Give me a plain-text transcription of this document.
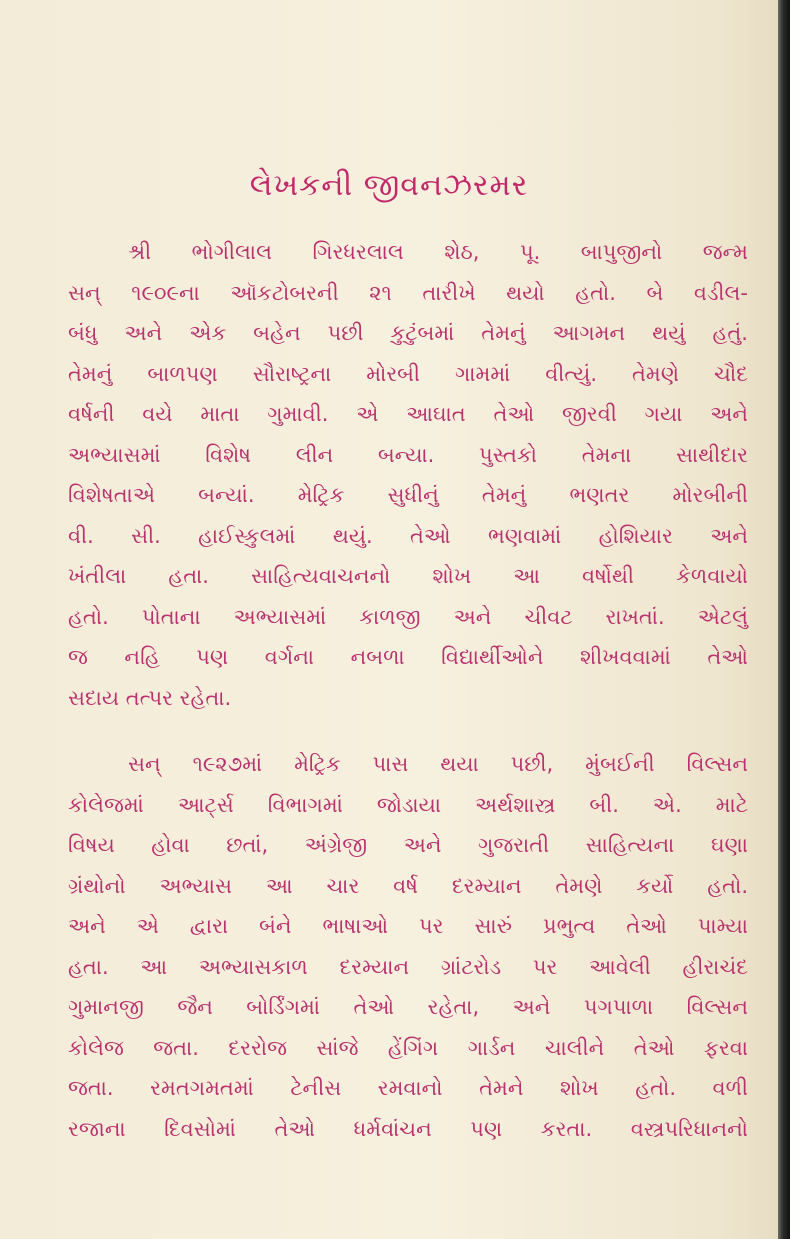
લેખકની જીવનઝરમર
શ્રી ભોગીલાલ ગિરધરલાલ શેઠ, પૂ. બાપુજીનો જન્મ
સન્ ૧૯૦૯ના ઑકટોબરની ૨૧ તારીખે થયો હતો. બે વડીલ-
બંધુ અને એક બહેન પછી કુટુંબમાં તેમનું આગમન થયું હતું.
તેમનું બાળપણ સૌરાષ્ટ્રના મોરબી ગામમાં વીત્યું. તેમણે ચૌદ
વર્ષની વયે માતા ગુમાવી. એ આઘાત તેઓ જીરવી ગયા અને
અભ્યાસમાં વિશેષ લીન બન્યા. પુસ્તકો તેમના સાથીદાર
વિશેષતાએ બન્યાં. મેટ્રિક સુધીનું તેમનું ભણતર મોરબીની
વી. સી. હાઈસ્કુલમાં થયું. તેઓ ભણવામાં હોશિયાર અને
ખંતીલા હતા. સાહિત્યવાચનનો શોખ આ વર્ષોથી કેળવાયો
હતો. પોતાના અભ્યાસમાં કાળજી અને ચીવટ રાખતાં. એટલું
જ નહિ પણ વર્ગના નબળા વિદ્યાર્થીઓને શીખવવામાં તેઓ
સદાય તત્પર રહેતા.
સન્ ૧૯૨૭માં મેટ્રિક પાસ થયા પછી, મુંબઈની વિલ્સન
કોલેજમાં આર્ટ્સ વિભાગમાં જોડાયા અર્થશાસ્ત્ર બી. એ. માટે
વિષય હોવા છતાં, અંગ્રેજી અને ગુજરાતી સાહિત્યના ઘણા
ગ્રંથોનો અભ્યાસ આ ચાર વર્ષ દરમ્યાન તેમણે કર્યો હતો.
અને એ દ્વારા બંને ભાષાઓ પર સારું પ્રભુત્વ તેઓ પામ્યા
હતા. આ અભ્યાસકાળ દરમ્યાન ગ્રાંટરોડ પર આવેલી હીરાચંદ
ગુમાનજી જૈન બોર્ડિંગમાં તેઓ રહેતા, અને પગપાળા વિલ્સન
કોલેજ જતા. દરરોજ સાંજે હેંગિંગ ગાર્ડન ચાલીને તેઓ ફરવા
જતા. રમતગમતમાં ટેનીસ રમવાનો તેમને શોખ હતો. વળી
રજાના દિવસોમાં તેઓ ધર્મવાંચન પણ કરતા. વસ્ત્રપરિધાનનો
